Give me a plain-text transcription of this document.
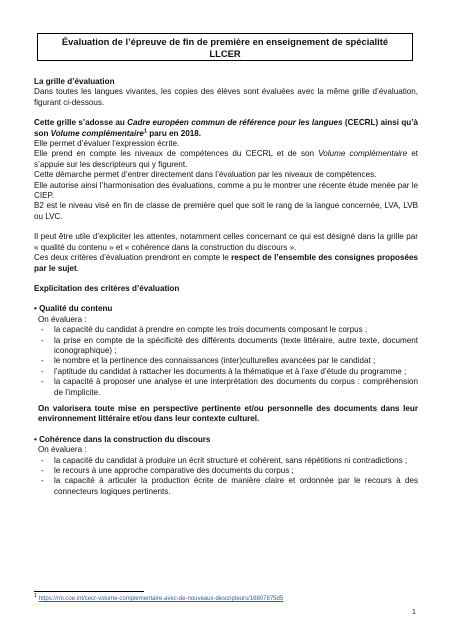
Évaluation de l’épreuve de fin de première en enseignement de spécialité
LLCER

La grille d’évaluation

Dans toutes les langues vivantes, les copies des élèves sont évaluées avec la même grille d’évaluation, figurant ci-dessous.

Cette grille s’adosse au Cadre européen commun de référence pour les langues (CECRL) ainsi qu’à son Volume complémentaire$^1$ paru en 2018.

Elle permet d’évaluer l’expression écrite.

Elle prend en compte les niveaux de compétences du CECRL et de son Volume complémentaire et s’appuie sur les descripteurs qui y figurent.

Cette démarche permet d’entrer directement dans l’évaluation par les niveaux de compétences.

Elle autorise ainsi l’harmonisation des évaluations, comme a pu le montrer une récente étude menée par le CIEP.

B2 est le niveau visé en fin de classe de première quel que soit le rang de la langue concernée, LVA, LVB ou LVC.

Il peut être utile d’expliciter les attentes, notamment celles concernant ce qui est désigné dans la grille par « qualité du contenu » et « cohérence dans la construction du discours ».

Ces deux critères d’évaluation prendront en compte le respect de l’ensemble des consignes proposées par le sujet.

Explicitation des critères d’évaluation

• Qualité du contenu

On évaluera :

- la capacité du candidat à prendre en compte les trois documents composant le corpus ;
- la prise en compte de la spécificité des différents documents (texte littéraire, autre texte, document iconographique) ;
- le nombre et la pertinence des connaissances (inter)culturelles avancées par le candidat ;
- l’aptitude du candidat à rattacher les documents à la thématique et à l’axe d’étude du programme ;
- la capacité à proposer une analyse et une interprétation des documents du corpus : compréhension de l’implicite.

On valorisera toute mise en perspective pertinente et/ou personnelle des documents dans leur environnement littéraire et/ou dans leur contexte culturel.

• Cohérence dans la construction du discours

On évaluera :

- la capacité du candidat à produire un écrit structuré et cohérent, sans répétitions ni contradictions ;
- le recours à une approche comparative des documents du corpus ;
- la capacité à articuler la production écrite de manière claire et ordonnée par le recours à des connecteurs logiques pertinents.
$^1$ https://rm.coe.int/cecr-volume-complementaire-avec-de-nouveaux-descripteurs/16807875d5
1
